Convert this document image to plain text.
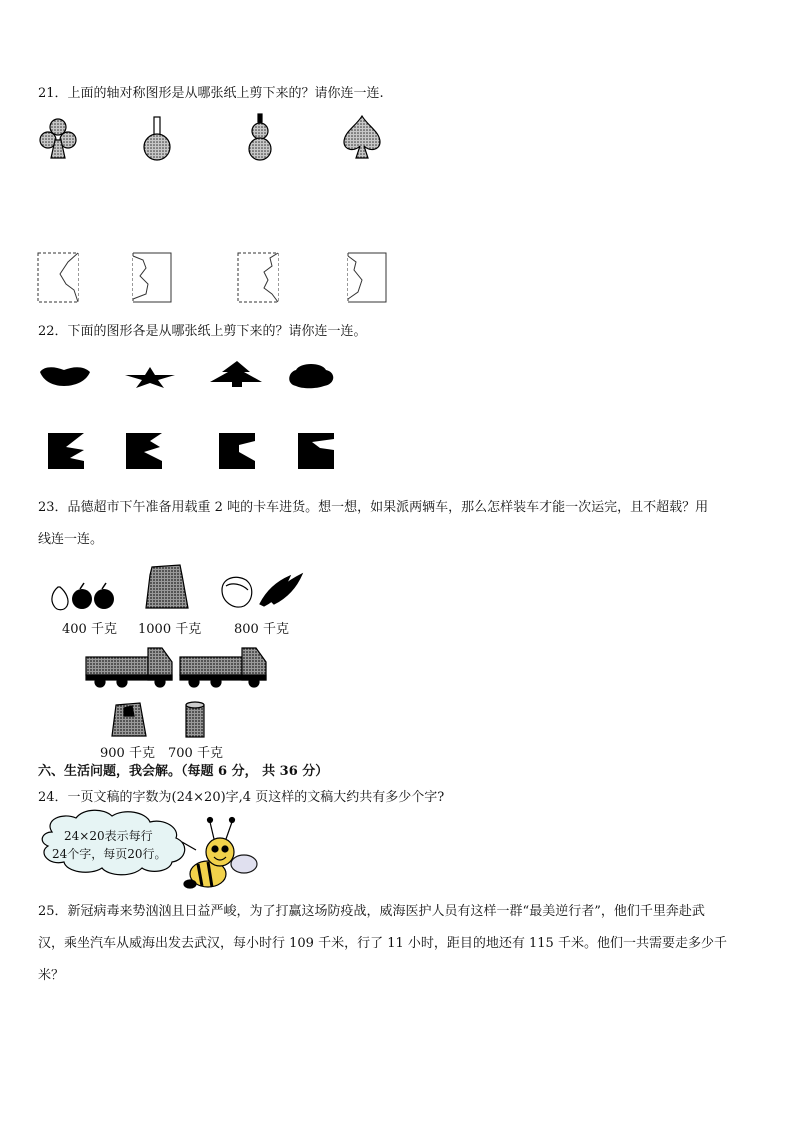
21．上面的轴对称图形是从哪张纸上剪下来的？请你连一连.
22．下面的图形各是从哪张纸上剪下来的？请你连一连。
23．品德超市下午准备用载重 2 吨的卡车进货。想一想，如果派两辆车，那么怎样装车才能一次运完，且不超载？用
线连一连。
400 千克 1000 千克	800 千克
900 千克 700 千克
六、生活问题，我会解。（每题 6 分， 共 36 分）
24．一页文稿的字数为(24×20)字,4 页这样的文稿大约共有多少个字?
24×20表示每行
24个字，每页20行。
25．新冠病毒来势汹汹且日益严峻，为了打赢这场防疫战，威海医护人员有这样一群“最美逆行者”，他们千里奔赴武
汉，乘坐汽车从威海出发去武汉，每小时行 109 千米，行了 11 小时，距目的地还有 115 千米。他们一共需要走多少千
米？
